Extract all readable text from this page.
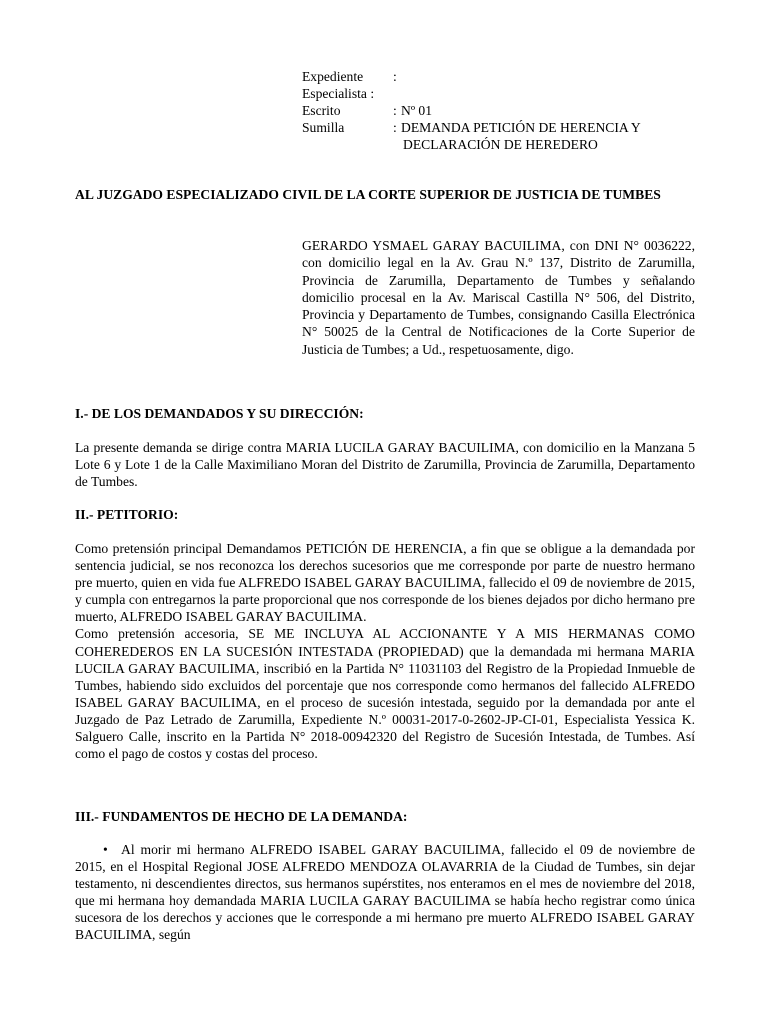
Expediente	:
Especialista :
Escrito	: Nº 01
Sumilla	: DEMANDA PETICIÓN DE HERENCIA Y
DECLARACIÓN DE HEREDERO
AL JUZGADO ESPECIALIZADO CIVIL DE LA CORTE SUPERIOR DE JUSTICIA DE TUMBES
GERARDO YSMAEL GARAY BACUILIMA, con DNI N° 0036222, con domicilio legal en la Av. Grau N.º 137, Distrito de Zarumilla, Provincia de Zarumilla, Departamento de Tumbes y señalando domicilio procesal en la Av. Mariscal Castilla N° 506, del Distrito, Provincia y Departamento de Tumbes, consignando Casilla Electrónica N° 50025 de la Central de Notificaciones de la Corte Superior de Justicia de Tumbes; a Ud., respetuosamente, digo.
I.- DE LOS DEMANDADOS Y SU DIRECCIÓN:
La presente demanda se dirige contra MARIA LUCILA GARAY BACUILIMA, con domicilio en la Manzana 5 Lote 6 y Lote 1 de la Calle Maximiliano Moran del Distrito de Zarumilla, Provincia de Zarumilla, Departamento de Tumbes.
II.- PETITORIO:

Como pretensión principal Demandamos PETICIÓN DE HERENCIA, a fin que se obligue a la demandada por sentencia judicial, se nos reconozca los derechos sucesorios que me corresponde por parte de nuestro hermano pre muerto, quien en vida fue ALFREDO ISABEL GARAY BACUILIMA, fallecido el 09 de noviembre de 2015, y cumpla con entregarnos la parte proporcional que nos corresponde de los bienes dejados por dicho hermano pre muerto, ALFREDO ISABEL GARAY BACUILIMA.

Como pretensión accesoria, SE ME INCLUYA AL ACCIONANTE Y A MIS HERMANAS COMO COHEREDEROS EN LA SUCESIÓN INTESTADA (PROPIEDAD) que la demandada mi hermana MARIA LUCILA GARAY BACUILIMA, inscribió en la Partida N° 11031103 del Registro de la Propiedad Inmueble de Tumbes, habiendo sido excluidos del porcentaje que nos corresponde como hermanos del fallecido ALFREDO ISABEL GARAY BACUILIMA, en el proceso de sucesión intestada, seguido por la demandada por ante el Juzgado de Paz Letrado de Zarumilla, Expediente N.º 00031-2017-0-2602-JP-CI-01, Especialista Yessica K. Salguero Calle, inscrito en la Partida N° 2018-00942320 del Registro de Sucesión Intestada, de Tumbes. Así como el pago de costos y costas del proceso.

III.- FUNDAMENTOS DE HECHO DE LA DEMANDA:
• Al morir mi hermano ALFREDO ISABEL GARAY BACUILIMA, fallecido el 09 de noviembre de 2015, en el Hospital Regional JOSE ALFREDO MENDOZA OLAVARRIA de la Ciudad de Tumbes, sin dejar testamento, ni descendientes directos, sus hermanos supérstites, nos enteramos en el mes de noviembre del 2018, que mi hermana hoy demandada MARIA LUCILA GARAY BACUILIMA se había hecho registrar como única sucesora de los derechos y acciones que le corresponde a mi hermano pre muerto ALFREDO ISABEL GARAY BACUILIMA, según
